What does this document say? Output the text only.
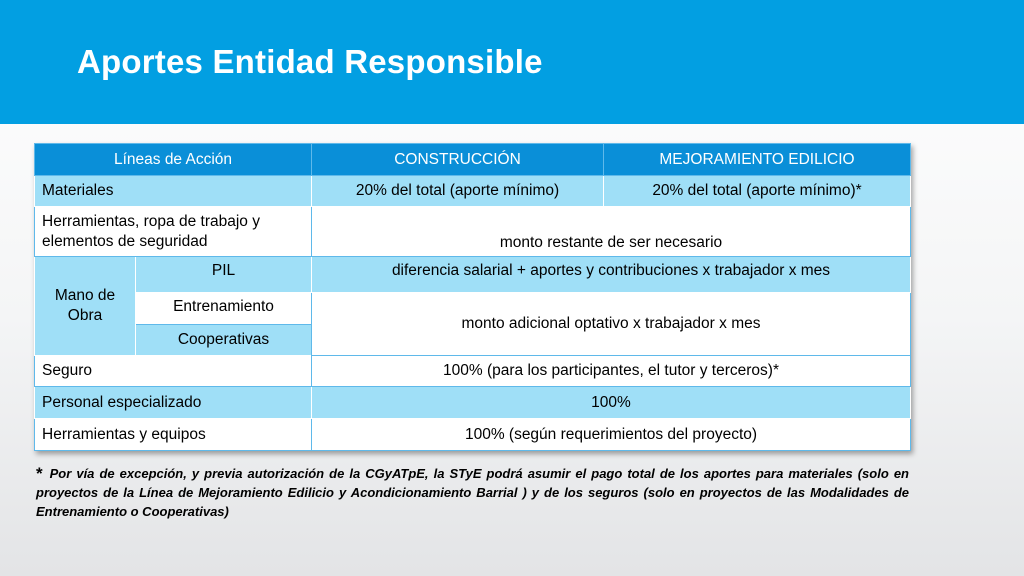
Aportes Entidad Responsible
Líneas de Acción		CONSTRUCCIÓN	MEJORAMIENTO EDILICIO
Materiales		20% del total (aporte mínimo)	20% del total (aporte mínimo)*
Herramientas, ropa de trabajo y elementos de seguridad		monto restante de ser necesario	
Mano de Obra	PIL	diferencia salarial + aportes y contribuciones x trabajador x mes	
	Entrenamiento	monto adicional optativo x trabajador x mes	
	Cooperativas		
Seguro		100% (para los participantes, el tutor y terceros)*	
Personal especializado		100%	
Herramientas y equipos		100% (según requerimientos del proyecto)	
* Por vía de excepción, y previa autorización de la CGyATpE, la STyE podrá asumir el pago total de los aportes para materiales (solo en proyectos de la Línea de Mejoramiento Edilicio y Acondicionamiento Barrial ) y de los seguros (solo en proyectos de las Modalidades de Entrenamiento o Cooperativas)
